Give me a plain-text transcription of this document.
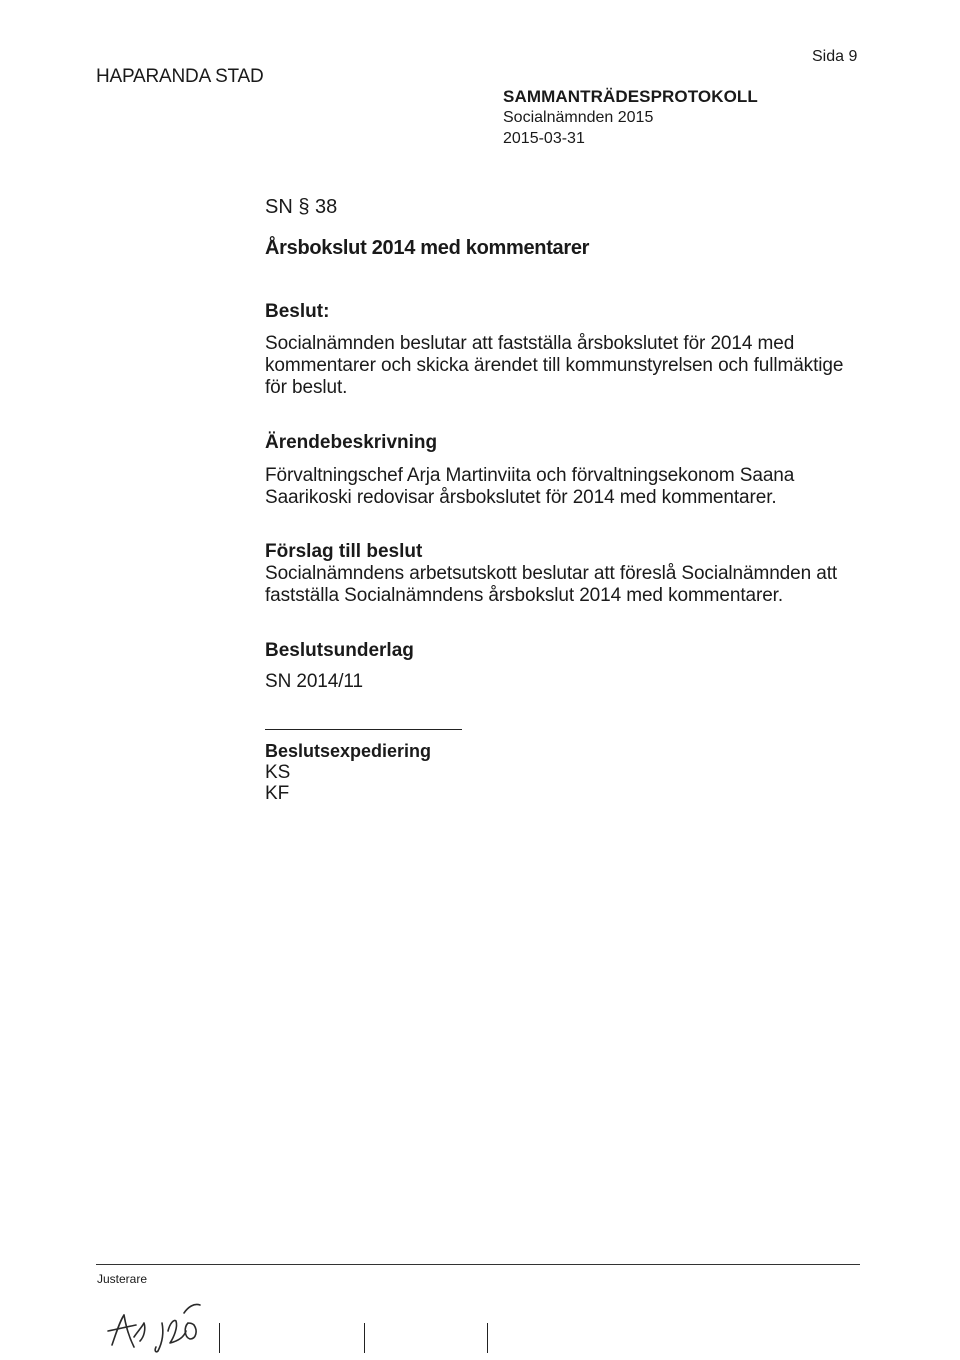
HAPARANDA STAD
Sida 9
SAMMANTRÄDESPROTOKOLL
Socialnämnden 2015
2015-03-31
SN § 38
Årsbokslut 2014 med kommentarer
Beslut:
Socialnämnden beslutar att fastställa årsbokslutet för 2014 med
kommentarer och skicka ärendet till kommunstyrelsen och fullmäktige
för beslut.
Ärendebeskrivning
Förvaltningschef Arja Martinviita och förvaltningsekonom Saana
Saarikoski redovisar årsbokslutet för 2014 med kommentarer.
Förslag till beslut
Socialnämndens arbetsutskott beslutar att föreslå Socialnämnden att
fastställa Socialnämndens årsbokslut 2014 med kommentarer.
Beslutsunderlag
SN 2014/11
Beslutsexpediering
KS
KF
Justerare
